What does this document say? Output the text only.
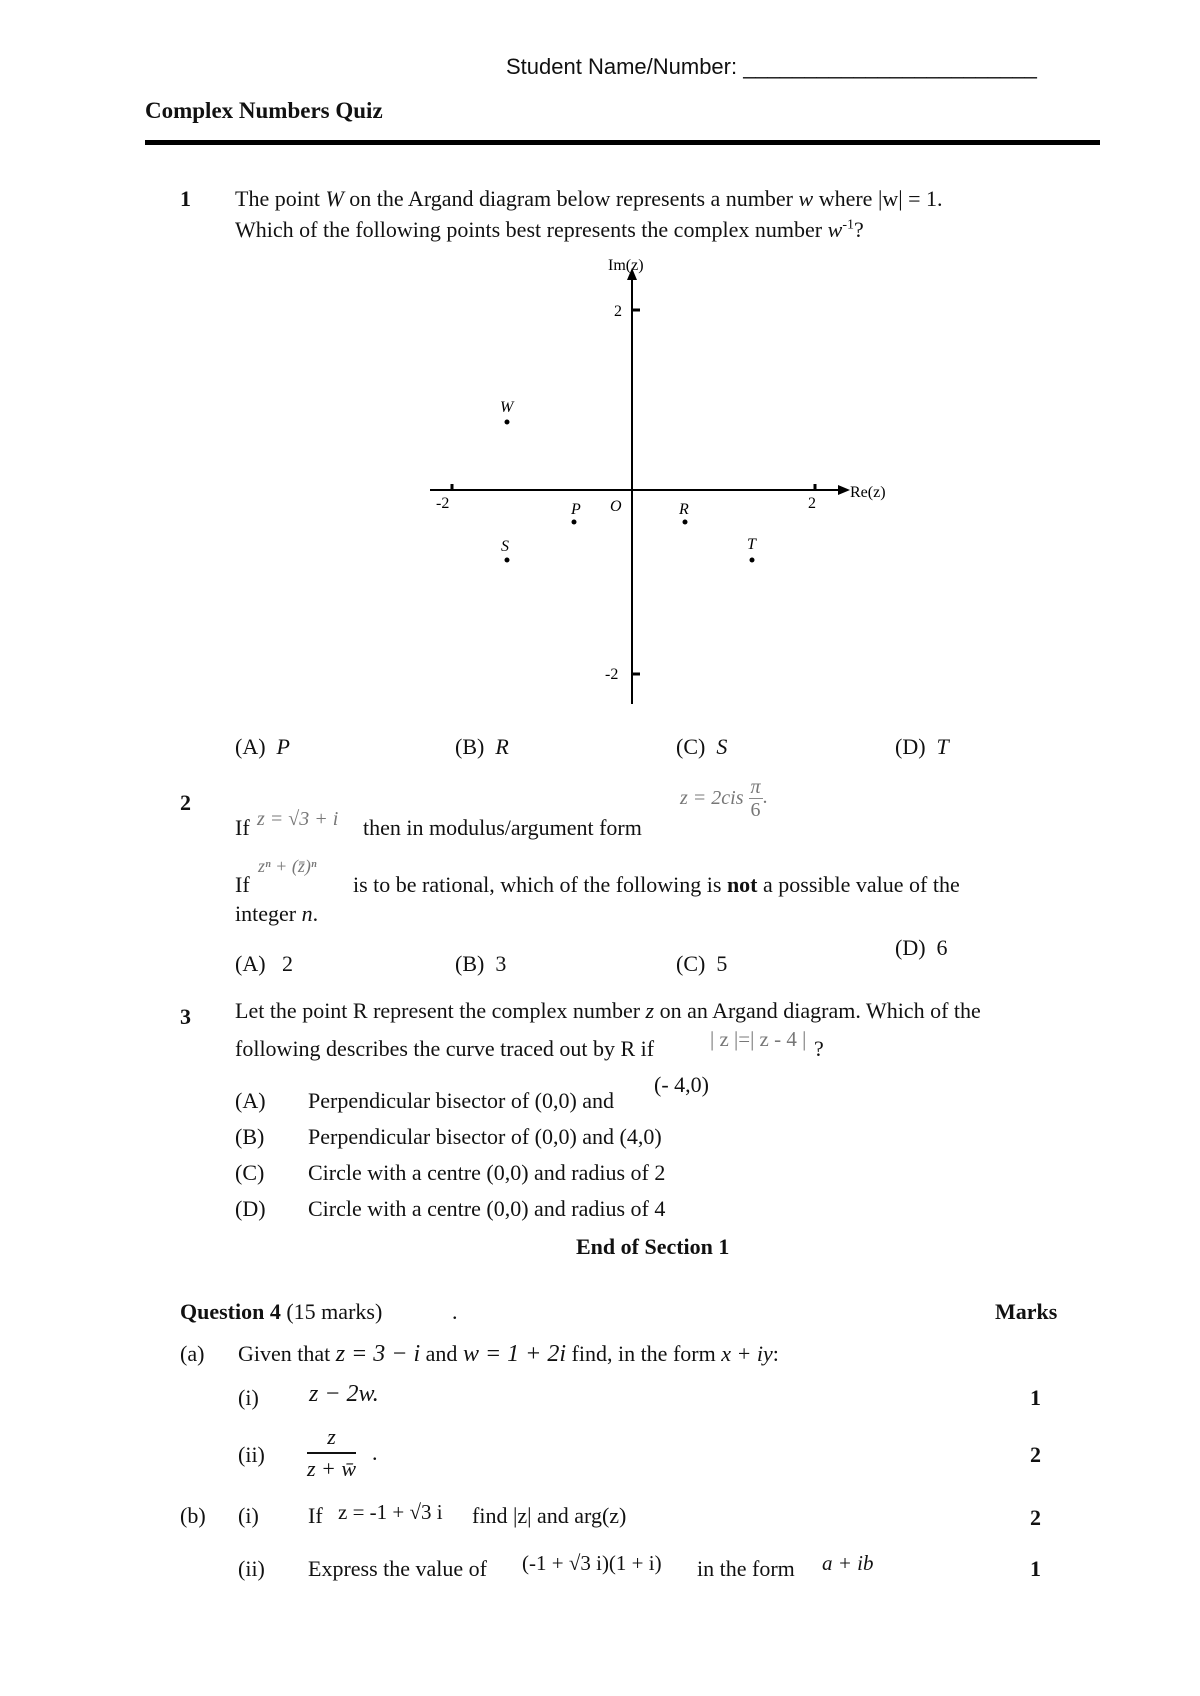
Student Name/Number: ________________________
Complex Numbers Quiz
1 The point W on the Argand diagram below represents a number w where |w| = 1.
Which of the following points best represents the complex number $w^{-1}$?
Im(z)
Re(z)
2
-2
-2	2
O
W
P	R
S	T
(A) P	(B) R	(C) S	(D) T
2
If z = √3 + i then in modulus/argument form
$z = 2cis \frac{\pi}{6}$ .
If
zⁿ + (z̄)ⁿ
is to be rational, which of the following is not a possible value of the
integer n.
(A) 2	(B) 3	(C) 5
(D) 6
3 Let the point R represent the complex number z on an Argand diagram. Which of the
following describes the curve traced out by R if	| z |=| z - 4 | ?
(A) Perpendicular bisector of (0,0) and
(- 4,0)
(B) Perpendicular bisector of (0,0) and (4,0)
(C) Circle with a centre (0,0) and radius of 2
(D) Circle with a centre (0,0) and radius of 4
End of Section 1
Question 4 (15 marks)	.	Marks
(a) Given that z = 3 − i and w = 1 + 2i find, in the form x + iy:
(i) z − 2w.	1
$(ii) \frac{z}{z + w̄}$ .	2
(b) (i) If z = -1 + √3 i find |z| and arg(z)	2
(ii) Express the value of (-1 + √3 i)(1 + i) in the form a + ib	1
